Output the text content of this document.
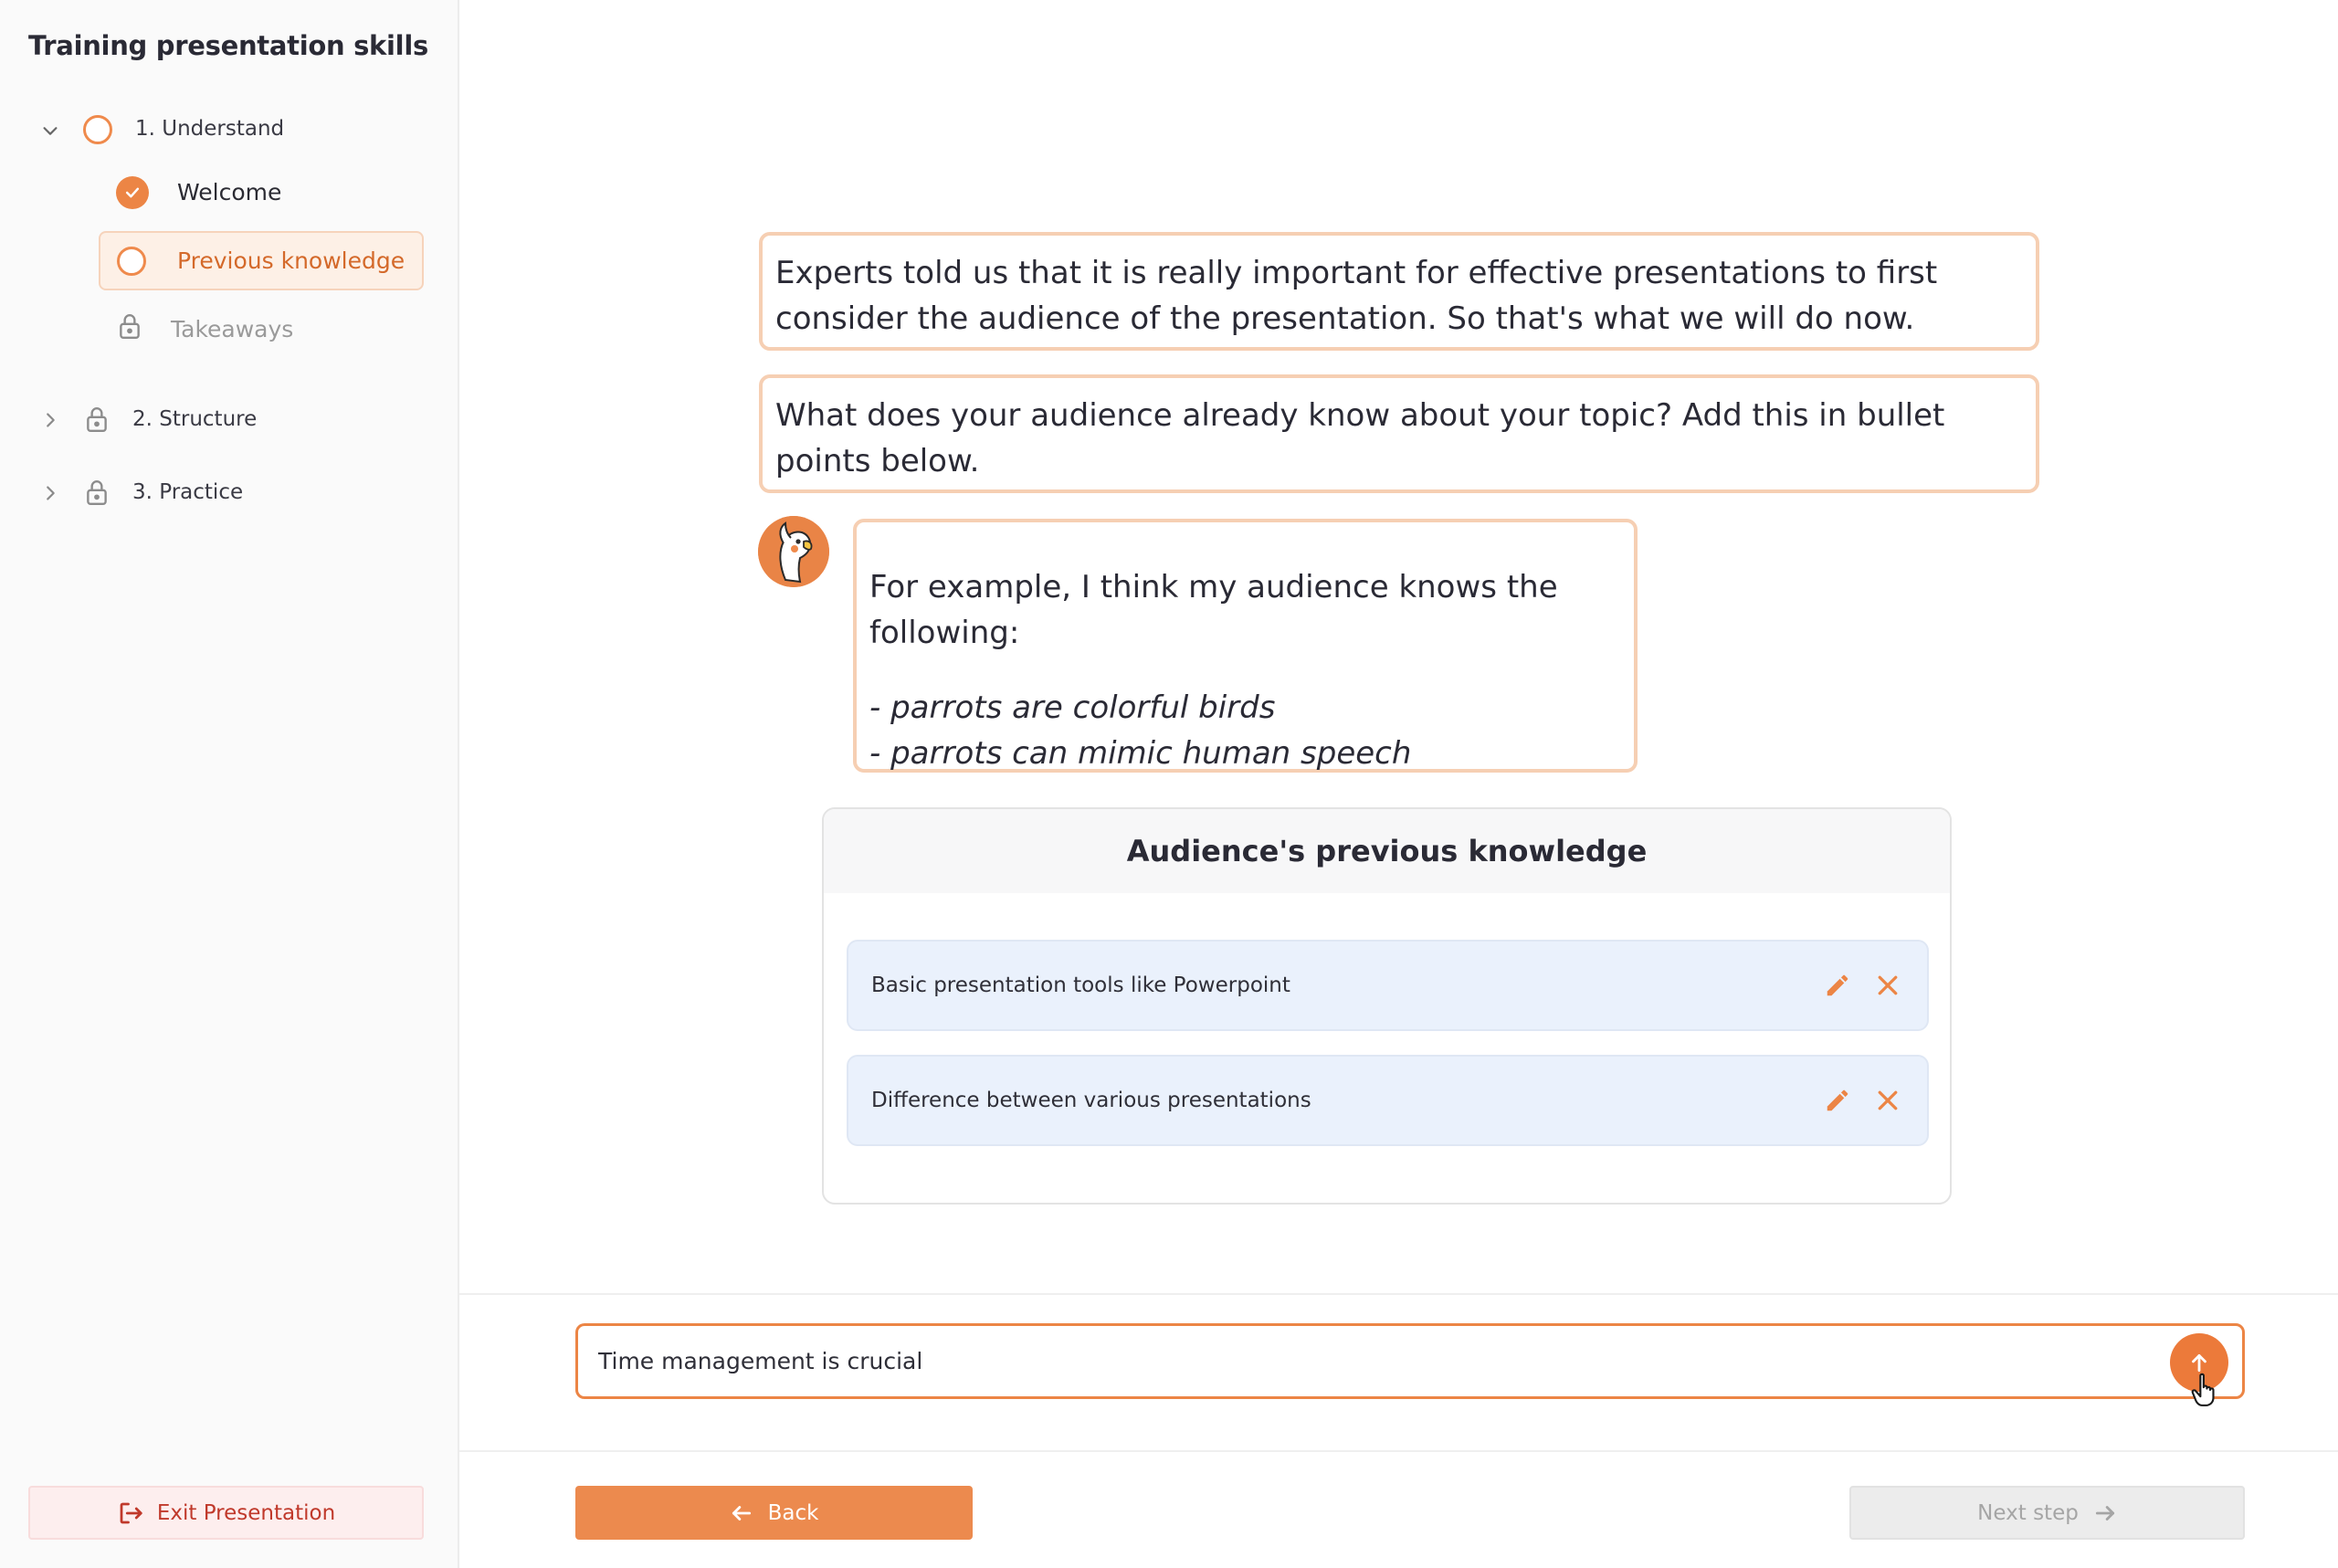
Training presentation skills
1. Understand
Welcome
Previous knowledge
Takeaways
2. Structure
3. Practice
Exit Presentation
Experts told us that it is really important for effective presentations to first consider the audience of the presentation. So that's what we will do now.
What does your audience already know about your topic? Add this in bullet points below.
For example, I think my audience knows the following:
- parrots are colorful birds
- parrots can mimic human speech
Audience's previous knowledge
Basic presentation tools like Powerpoint
Difference between various presentations
Time management is crucial
Back	Next step
